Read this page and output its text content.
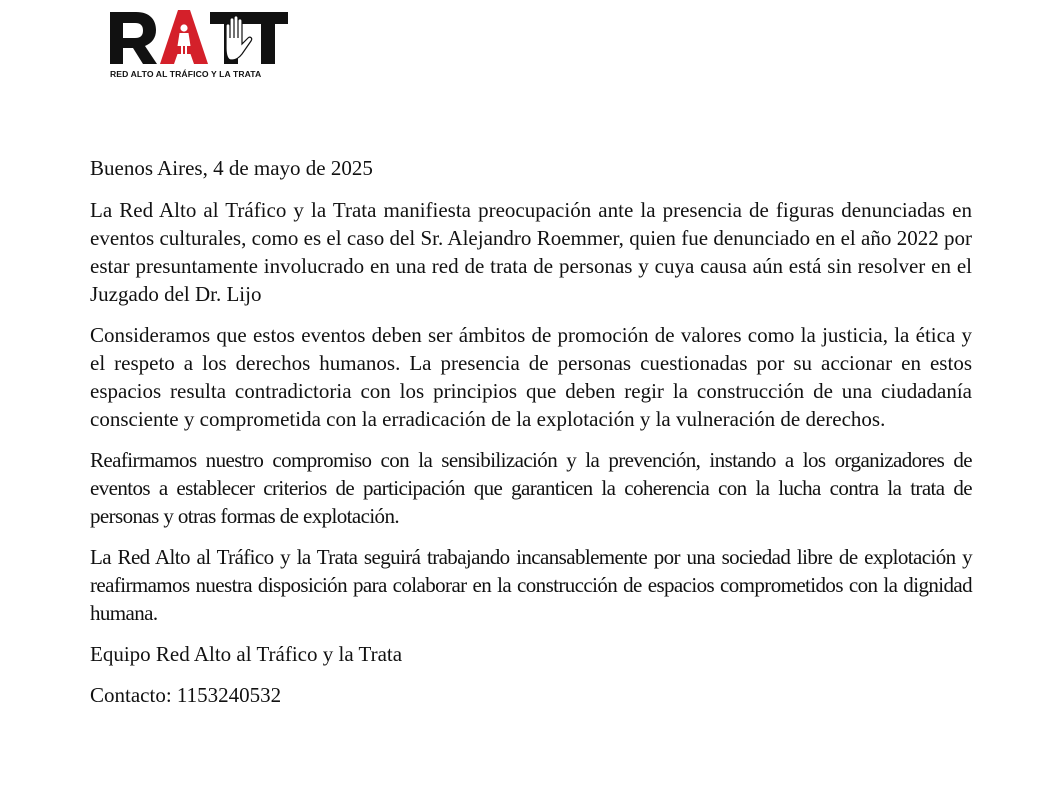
RED ALTO AL TRÁFICO Y LA TRATA

Buenos Aires, 4 de mayo de 2025

La Red Alto al Tráfico y la Trata manifiesta preocupación ante la presencia de figuras denunciadas en eventos culturales, como es el caso del Sr. Alejandro Roemmer, quien fue denunciado en el año 2022 por estar presuntamente involucrado en una red de trata de personas y cuya causa aún está sin resolver en el Juzgado del Dr. Lijo

Consideramos que estos eventos deben ser ámbitos de promoción de valores como la justicia, la ética y el respeto a los derechos humanos. La presencia de personas cuestionadas por su accionar en estos espacios resulta contradictoria con los principios que deben regir la construcción de una ciudadanía consciente y comprometida con la erradicación de la explotación y la vulneración de derechos.

Reafirmamos nuestro compromiso con la sensibilización y la prevención, instando a los organizadores de eventos a establecer criterios de participación que garanticen la coherencia con la lucha contra la trata de personas y otras formas de explotación.

La Red Alto al Tráfico y la Trata seguirá trabajando incansablemente por una sociedad libre de explotación y reafirmamos nuestra disposición para colaborar en la construcción de espacios comprometidos con la dignidad humana.

Equipo Red Alto al Tráfico y la Trata

Contacto: 1153240532
